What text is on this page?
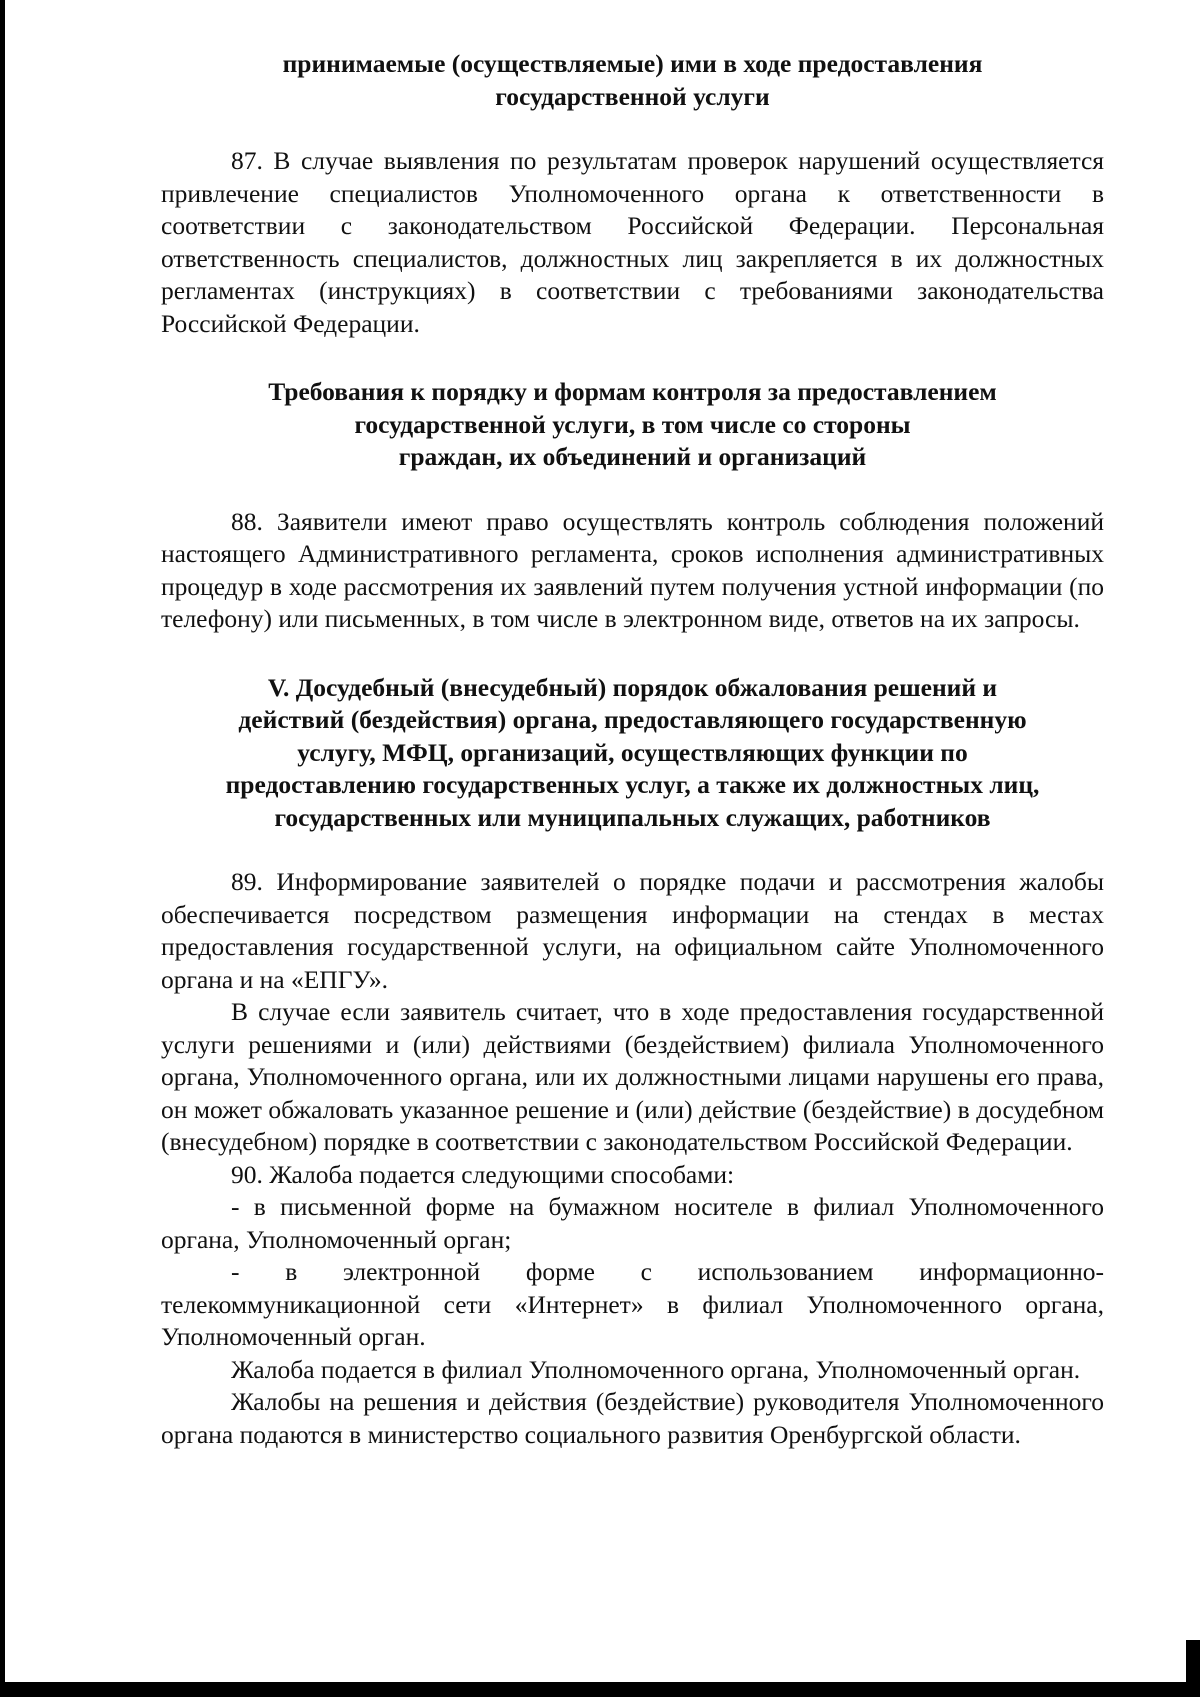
принимаемые (осуществляемые) ими в ходе предоставления
государственной услуги

87. В случае выявления по результатам проверок нарушений осуществляется привлечение специалистов Уполномоченного органа к ответственности в соответствии с законодательством Российской Федерации. Персональная ответственность специалистов, должностных лиц закрепляется в их должностных регламентах (инструкциях) в соответствии с требованиями законодательства Российской Федерации.

Требования к порядку и формам контроля за предоставлением
государственной услуги, в том числе со стороны
граждан, их объединений и организаций

88. Заявители имеют право осуществлять контроль соблюдения положений настоящего Административного регламента, сроков исполнения административных процедур в ходе рассмотрения их заявлений путем получения устной информации (по телефону) или письменных, в том числе в электронном виде, ответов на их запросы.

V. Досудебный (внесудебный) порядок обжалования решений и
действий (бездействия) органа, предоставляющего государственную
услугу, МФЦ, организаций, осуществляющих функции по
предоставлению государственных услуг, а также их должностных лиц,
государственных или муниципальных служащих, работников

89. Информирование заявителей о порядке подачи и рассмотрения жалобы обеспечивается посредством размещения информации на стендах в местах предоставления государственной услуги, на официальном сайте Уполномоченного органа и на «ЕПГУ».

В случае если заявитель считает, что в ходе предоставления государственной услуги решениями и (или) действиями (бездействием) филиала Уполномоченного органа, Уполномоченного органа, или их должностными лицами нарушены его права, он может обжаловать указанное решение и (или) действие (бездействие) в досудебном (внесудебном) порядке в соответствии с законодательством Российской Федерации.

90. Жалоба подается следующими способами:

- в письменной форме на бумажном носителе в филиал Уполномоченного органа, Уполномоченный орган;

- в электронной форме с использованием информационно-телекоммуникационной сети «Интернет» в филиал Уполномоченного органа, Уполномоченный орган.

Жалоба подается в филиал Уполномоченного органа, Уполномоченный орган.

Жалобы на решения и действия (бездействие) руководителя Уполномоченного органа подаются в министерство социального развития Оренбургской области.
